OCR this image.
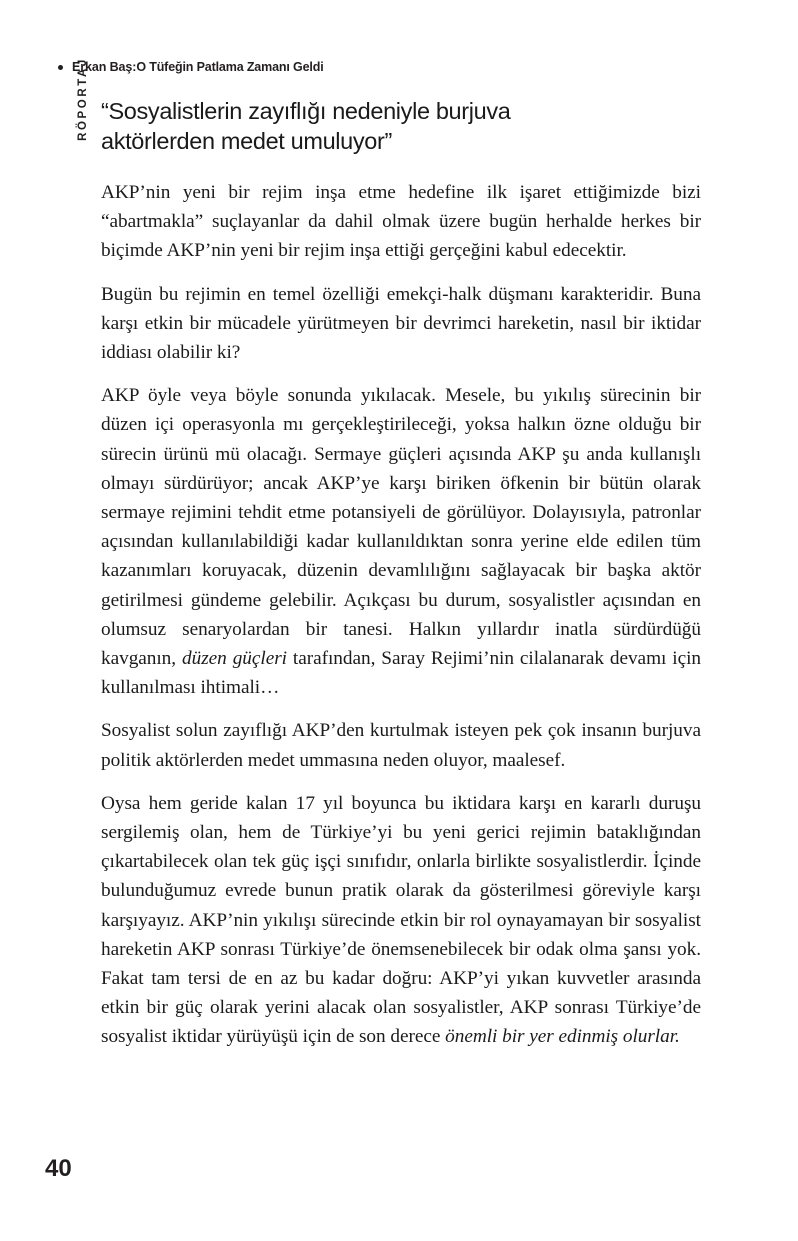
Erkan Baş:O Tüfeğin Patlama Zamanı Geldi
RÖPORTAJ “Sosyalistlerin zayıflığı nedeniyle burjuva aktörlerden medet umuluyor”

AKP’nin yeni bir rejim inşa etme hedefine ilk işaret ettiğimizde bizi “abartmakla” suçlayanlar da dahil olmak üzere bugün herhalde herkes bir biçimde AKP’nin yeni bir rejim inşa ettiği gerçeğini kabul edecektir.

Bugün bu rejimin en temel özelliği emekçi-halk düşmanı karakteridir. Buna karşı etkin bir mücadele yürütmeyen bir devrimci hareketin, nasıl bir iktidar iddiası olabilir ki?

AKP öyle veya böyle sonunda yıkılacak. Mesele, bu yıkılış sürecinin bir düzen içi operasyonla mı gerçekleştirileceği, yoksa halkın özne olduğu bir sürecin ürünü mü olacağı. Sermaye güçleri açısında AKP şu anda kullanışlı olmayı sürdürüyor; ancak AKP’ye karşı biriken öfkenin bir bütün olarak sermaye rejimini tehdit etme potansiyeli de görülüyor. Dolayısıyla, patronlar açısından kullanılabildiği kadar kullanıldıktan sonra yerine elde edilen tüm kazanımları koruyacak, düzenin devamlılığını sağlayacak bir başka aktör getirilmesi gündeme gelebilir. Açıkçası bu durum, sosyalistler açısından en olumsuz senaryolardan bir tanesi. Halkın yıllardır inatla sürdürdüğü kavganın, düzen güçleri tarafından, Saray Rejimi’nin cilalanarak devamı için kullanılması ihtimali…

Sosyalist solun zayıflığı AKP’den kurtulmak isteyen pek çok insanın burjuva politik aktörlerden medet ummasına neden oluyor, maalesef.

Oysa hem geride kalan 17 yıl boyunca bu iktidara karşı en kararlı duruşu sergilemiş olan, hem de Türkiye’yi bu yeni gerici rejimin bataklığından çıkartabilecek olan tek güç işçi sınıfıdır, onlarla birlikte sosyalistlerdir. İçinde bulunduğumuz evrede bunun pratik olarak da gösterilmesi göreviyle karşı karşıyayız. AKP’nin yıkılışı sürecinde etkin bir rol oynayamayan bir sosyalist hareketin AKP sonrası Türkiye’de önemsenebilecek bir odak olma şansı yok. Fakat tam tersi de en az bu kadar doğru: AKP’yi yıkan kuvvetler arasında etkin bir güç olarak yerini alacak olan sosyalistler, AKP sonrası Türkiye’de sosyalist iktidar yürüyüşü için de son derece önemli bir yer edinmiş olurlar.

40
